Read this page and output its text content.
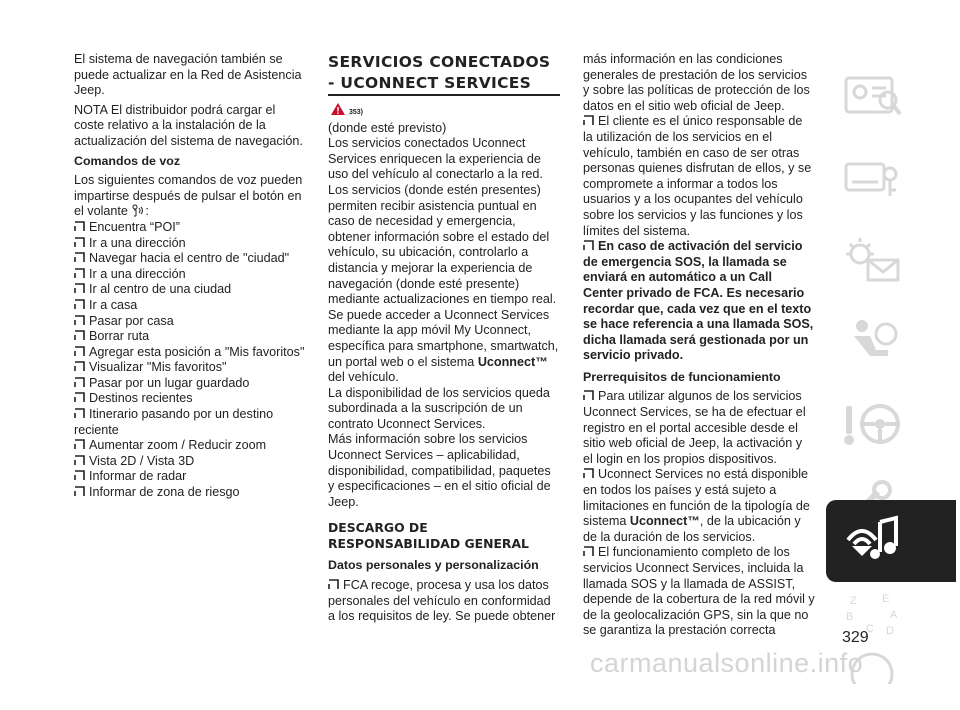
El sistema de navegación también se puede actualizar en la Red de Asistencia Jeep.

NOTA El distribuidor podrá cargar el coste relativo a la instalación de la actualización del sistema de navegación.

Comandos de voz

Los siguientes comandos de voz pueden impartirse después de pulsar el botón en el volante :

Encuentra “POI”

Ir a una dirección

Navegar hacia el centro de "ciudad"

Ir a una dirección

Ir al centro de una ciudad

Ir a casa

Pasar por casa

Borrar ruta

Agregar esta posición a "Mis favoritos"

Visualizar "Mis favoritos"

Pasar por un lugar guardado

Destinos recientes

Itinerario pasando por un destino reciente

Aumentar zoom / Reducir zoom

Vista 2D / Vista 3D

Informar de radar

Informar de zona de riesgo

SERVICIOS CONECTADOS
- UCONNECT SERVICES
353)

(donde esté previsto)

Los servicios conectados Uconnect Services enriquecen la experiencia de uso del vehículo al conectarlo a la red. Los servicios (donde estén presentes) permiten recibir asistencia puntual en caso de necesidad y emergencia, obtener información sobre el estado del vehículo, su ubicación, controlarlo a distancia y mejorar la experiencia de navegación (donde esté presente) mediante actualizaciones en tiempo real.

Se puede acceder a Uconnect Services mediante la app móvil My Uconnect, específica para smartphone, smartwatch, un portal web o el sistema Uconnect™ del vehículo.

La disponibilidad de los servicios queda subordinada a la suscripción de un contrato Uconnect Services.

Más información sobre los servicios Uconnect Services – aplicabilidad, disponibilidad, compatibilidad, paquetes y especificaciones – en el sitio oficial de Jeep.

DESCARGO DE
RESPONSABILIDAD GENERAL
Datos personales y personalización

FCA recoge, procesa y usa los datos personales del vehículo en conformidad a los requisitos de ley. Se puede obtener

más información en las condiciones generales de prestación de los servicios y sobre las políticas de protección de los datos en el sitio web oficial de Jeep.

El cliente es el único responsable de la utilización de los servicios en el vehículo, también en caso de ser otras personas quienes disfrutan de ellos, y se compromete a informar a todos los usuarios y a los ocupantes del vehículo sobre los servicios y las funciones y los límites del sistema.

En caso de activación del servicio de emergencia SOS, la llamada se enviará en automático a un Call Center privado de FCA. Es necesario recordar que, cada vez que en el texto se hace referencia a una llamada SOS, dicha llamada será gestionada por un servicio privado.

Prerrequisitos de funcionamiento

Para utilizar algunos de los servicios Uconnect Services, se ha de efectuar el registro en el portal accesible desde el sitio web oficial de Jeep, la activación y el login en los propios dispositivos.

Uconnect Services no está disponible en todos los países y está sujeto a limitaciones en función de la tipología de sistema Uconnect™, de la ubicación y de la duración de los servicios.

El funcionamiento completo de los servicios Uconnect Services, incluida la llamada SOS y la llamada de ASSIST, depende de la cobertura de la red móvil y de la geolocalización GPS, sin la que no se garantiza la prestación correcta

Z E
B	A
C D
329
carmanualsonline.info
